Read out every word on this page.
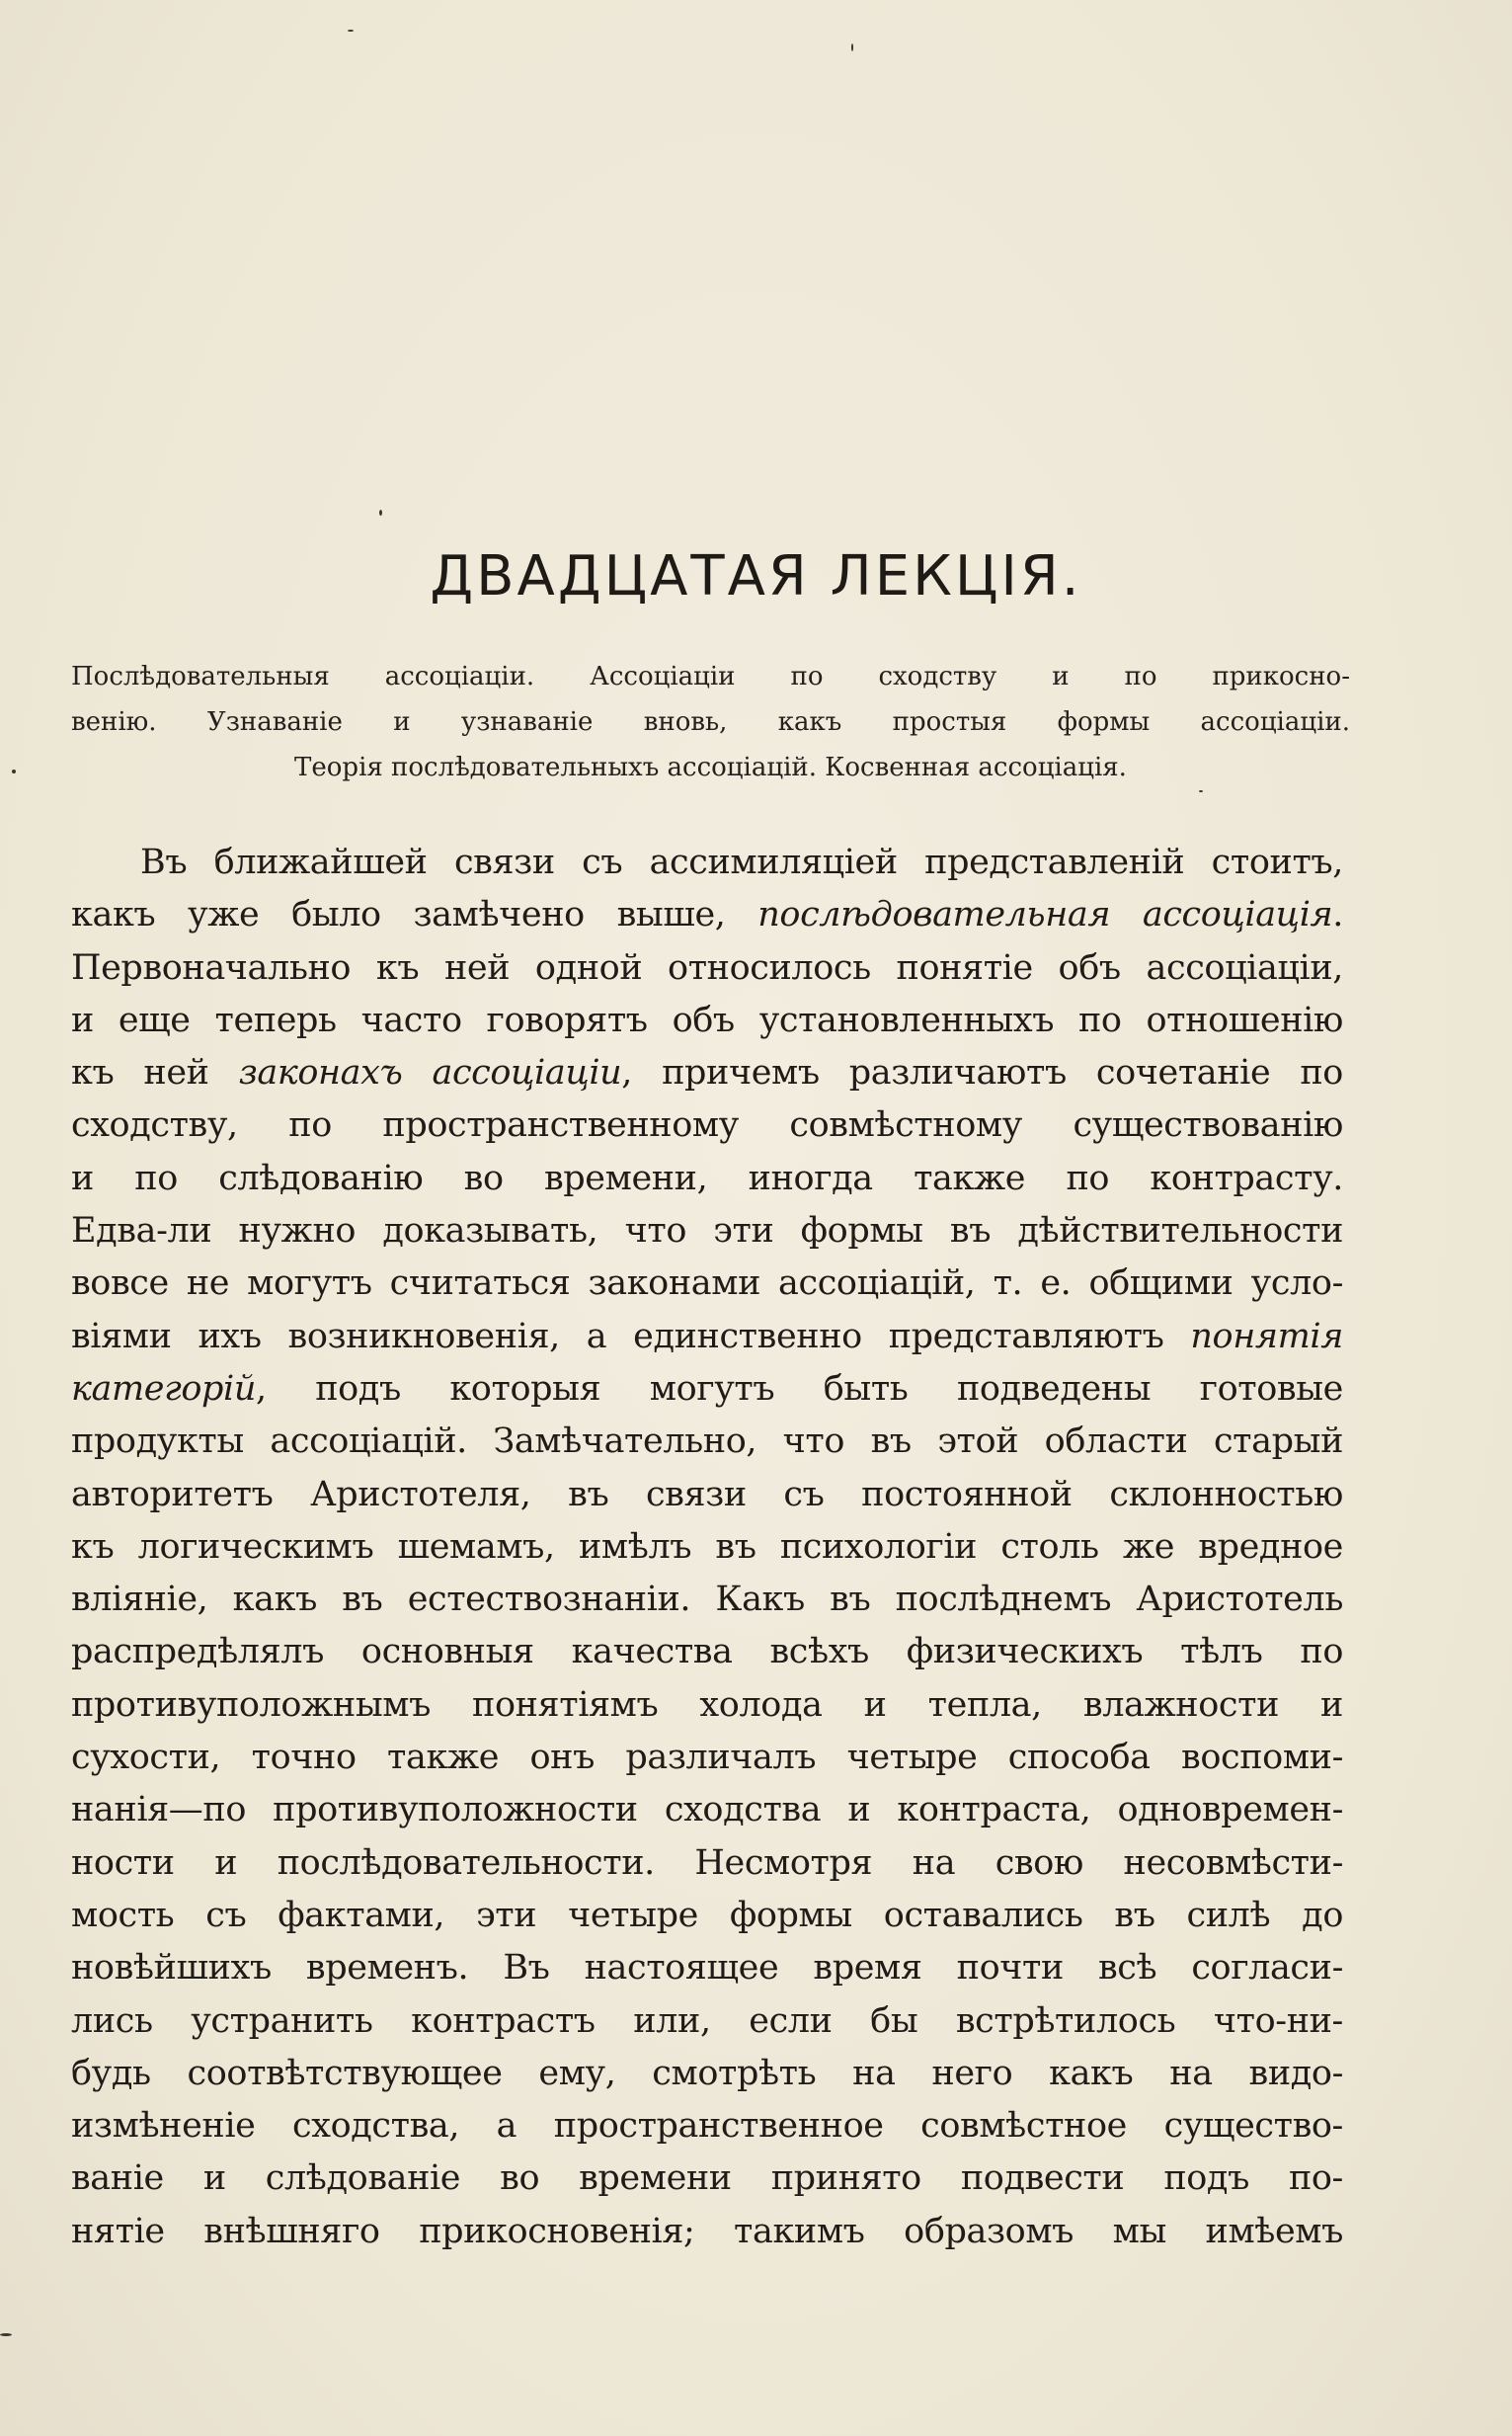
ДВАДЦАТАЯ ЛЕКЦІЯ.
Послѣдовательныя ассоціаціи. Ассоціаціи по сходству и по прикосно-
венію. Узнаваніе и узнаваніе вновь, какъ простыя формы ассоціаціи.
Теорія послѣдовательныхъ ассоціацій. Косвенная ассоціація.
Въ ближайшей связи съ ассимиляціей представленій стоитъ,
какъ уже было замѣчено выше, послѣдовательная ассоціація.
Первоначально къ ней одной относилось понятіе объ ассоціаціи,
и еще теперь часто говорятъ объ установленныхъ по отношенію
къ ней законахъ ассоціаціи, причемъ различаютъ сочетаніе по
сходству, по пространственному совмѣстному существованію
и по слѣдованію во времени, иногда также по контрасту.
Едва-ли нужно доказывать, что эти формы въ дѣйствительности
вовсе не могутъ считаться законами ассоціацій, т. е. общими усло-
віями ихъ возникновенія, а единственно представляютъ понятія
категорій, подъ которыя могутъ быть подведены готовые
продукты ассоціацій. Замѣчательно, что въ этой области старый
авторитетъ Аристотеля, въ связи съ постоянной склонностью
къ логическимъ шемамъ, имѣлъ въ психологіи столь же вредное
вліяніе, какъ въ естествознаніи. Какъ въ послѣднемъ Аристотель
распредѣлялъ основныя качества всѣхъ физическихъ тѣлъ по
противуположнымъ понятіямъ холода и тепла, влажности и
сухости, точно также онъ различалъ четыре способа воспоми-
нанія—по противуположности сходства и контраста, одновремен-
ности и послѣдовательности. Несмотря на свою несовмѣсти-
мость съ фактами, эти четыре формы оставались въ силѣ до
новѣйшихъ временъ. Въ настоящее время почти всѣ согласи-
лись устранить контрастъ или, если бы встрѣтилось что-ни-
будь соотвѣтствующее ему, смотрѣть на него какъ на видо-
измѣненіе сходства, а пространственное совмѣстное существо-
ваніе и слѣдованіе во времени принято подвести подъ по-
нятіе внѣшняго прикосновенія; такимъ образомъ мы имѣемъ
